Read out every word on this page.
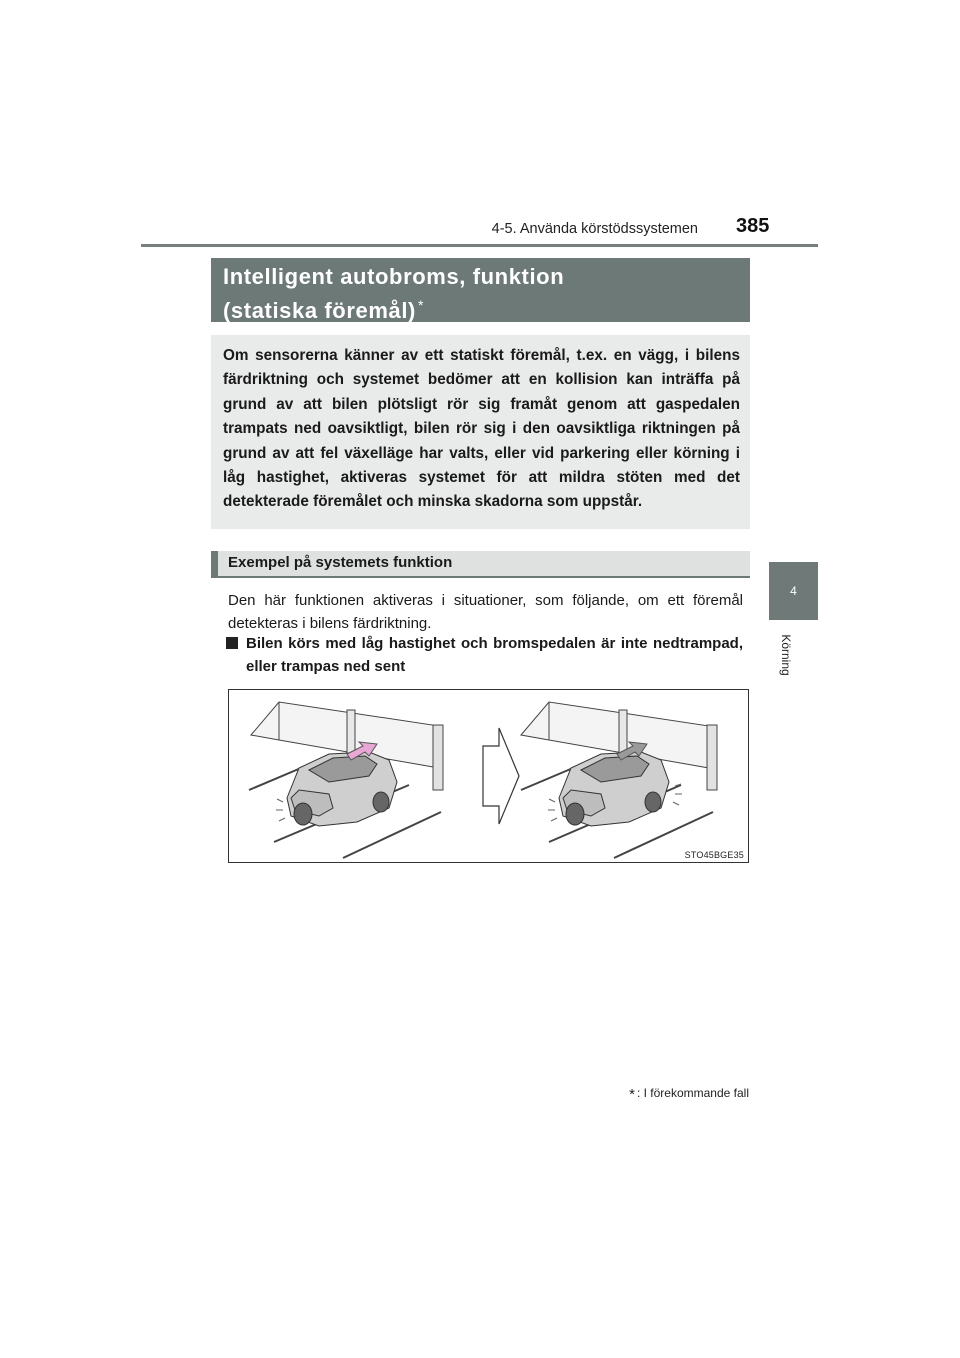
4-5. Använda körstödssystemen 385
4
Körning
Intelligent autobroms, funktion
(statiska föremål) *
Om sensorerna känner av ett statiskt föremål, t.ex. en vägg, i bilens färdriktning och systemet bedömer att en kollision kan inträffa på grund av att bilen plötsligt rör sig framåt genom att gaspedalen trampats ned oavsiktligt, bilen rör sig i den oavsiktliga riktningen på grund av att fel växelläge har valts, eller vid parkering eller körning i låg hastighet, aktiveras systemet för att mildra stöten med det detekterade föremålet och minska skadorna som uppstår.
Exempel på systemets funktion
Den här funktionen aktiveras i situationer, som följande, om ett föremål detekteras i bilens färdriktning.
Bilen körs med låg hastighet och bromspedalen är inte nedtrampad, eller trampas ned sent
STO45BGE35
* : I förekommande fall
